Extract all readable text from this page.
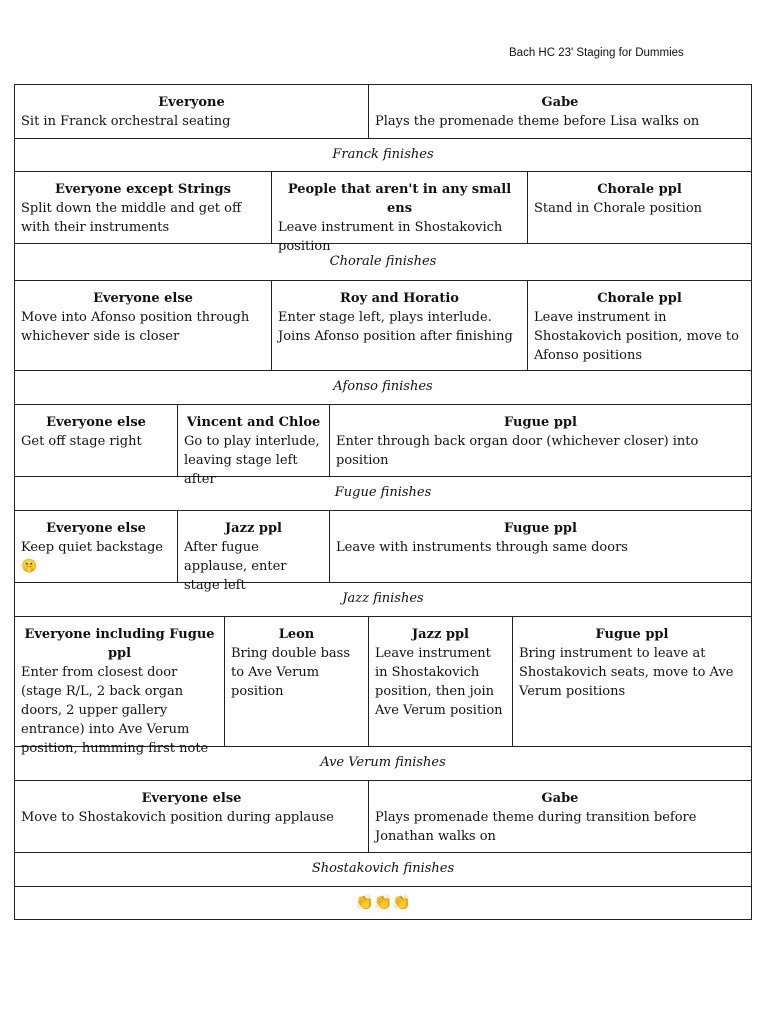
Bach HC 23' Staging for Dummies
Everyone
Sit in Franck orchestral seating
Gabe
Plays the promenade theme before Lisa walks on
Franck finishes
Everyone except Strings
Split down the middle and get off with their instruments
People that aren't in any small ens
Leave instrument in Shostakovich position
Chorale ppl
Stand in Chorale position
Chorale finishes
Everyone else
Move into Afonso position through whichever side is closer
Roy and Horatio
Enter stage left, plays interlude. Joins Afonso position after finishing
Chorale ppl
Leave instrument in Shostakovich position, move to Afonso positions
Afonso finishes
Everyone else
Get off stage right
Vincent and Chloe
Go to play interlude, leaving stage left after
Fugue ppl
Enter through back organ door (whichever closer) into position
Fugue finishes
Everyone else
Keep quiet backstage 🤫
Jazz ppl
After fugue applause, enter stage left
Fugue ppl
Leave with instruments through same doors
Jazz finishes
Everyone including Fugue ppl
Enter from closest door (stage R/L, 2 back organ doors, 2 upper gallery entrance) into Ave Verum position, humming first note
Leon
Bring double bass to Ave Verum position
Jazz ppl
Leave instrument in Shostakovich position, then join Ave Verum position
Fugue ppl
Bring instrument to leave at Shostakovich seats, move to Ave Verum positions
Ave Verum finishes
Everyone else
Move to Shostakovich position during applause
Gabe
Plays promenade theme during transition before Jonathan walks on
Shostakovich finishes
👏👏👏
